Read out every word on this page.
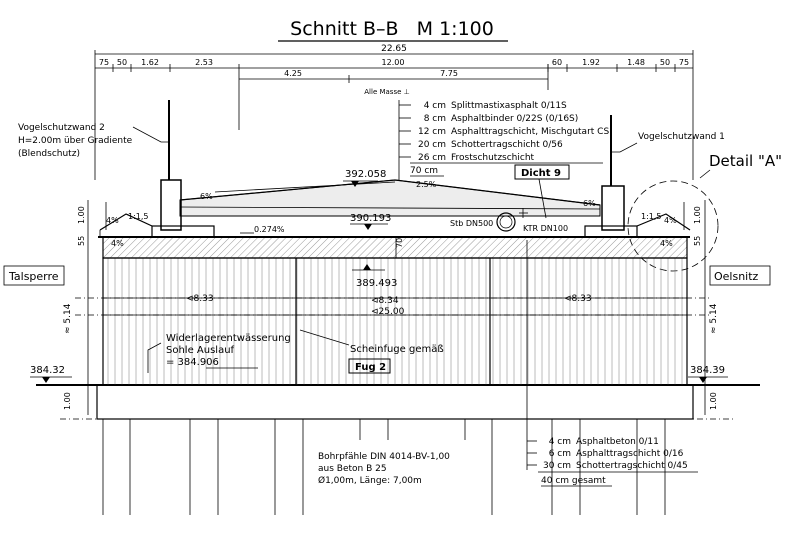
Schnitt B–B   M 1:100
22.65
75 50 1.62	2.53	12.00	60	1.92	1.48 50 75
4.25	7.75
Alle Masse ⊥
4 cm Splittmastixasphalt 0/11S
8 cm Asphaltbinder 0/22S (0/16S)
12 cm Asphalttragschicht, Mischgutart CS
20 cm Schottertragschicht 0/56
26 cm Frostschutzschicht
70 cm
Vogelschutzwand 2
H=2.00m über Gradiente
(Blendschutz)
Vogelschutzwand 1
Detail "A"
Talsperre	Oelsnitz
Stb DN500
KTR DN100
Dicht 9
6%
2.5%
6%
4%
4%
1:1,5	1:1,5 4%
4%
0.274%
392.058
390.193
389.493
384.32	384.39
70
⊲8.33	⊲8.34	⊲8.33
⊲25.00
1.00
55
≈ 5.14
1.00
1.00
55
≈ 5.14
1.00
Widerlagerentwässerung
Sohle Auslauf
= 384.906
Scheinfuge gemäß
Fug 2
Bohrpfähle DIN 4014-BV-1,00
aus Beton B 25
Ø1,00m, Länge: 7,00m
4 cm Asphaltbeton 0/11
6 cm Asphalttragschicht 0/16
30 cm Schottertragschicht 0/45
40 cm gesamt
